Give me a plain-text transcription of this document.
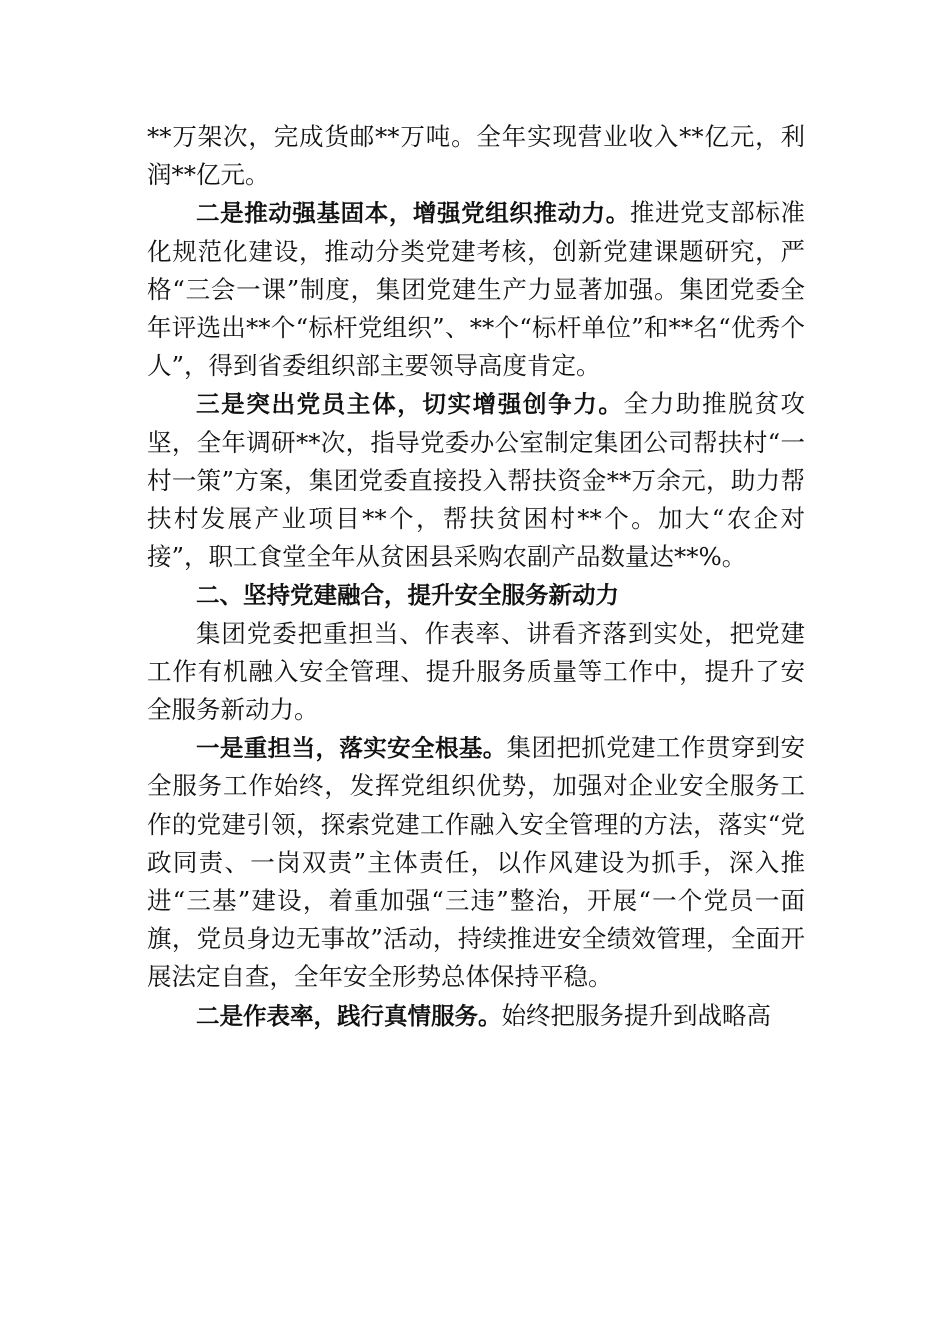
**万架次，完成货邮**万吨。全年实现营业收入**亿元，利润**亿元。

二是推动强基固本，增强党组织推动力。推进党支部标准化规范化建设，推动分类党建考核，创新党建课题研究，严格“三会一课”制度，集团党建生产力显著加强。集团党委全年评选出**个“标杆党组织”、**个“标杆单位”和**名“优秀个人”，得到省委组织部主要领导高度肯定。

三是突出党员主体，切实增强创争力。全力助推脱贫攻坚，全年调研**次，指导党委办公室制定集团公司帮扶村“一村一策”方案，集团党委直接投入帮扶资金**万余元，助力帮扶村发展产业项目**个，帮扶贫困村**个。加大“农企对接”，职工食堂全年从贫困县采购农副产品数量达**%。

二、坚持党建融合，提升安全服务新动力

集团党委把重担当、作表率、讲看齐落到实处，把党建工作有机融入安全管理、提升服务质量等工作中，提升了安全服务新动力。

一是重担当，落实安全根基。集团把抓党建工作贯穿到安全服务工作始终，发挥党组织优势，加强对企业安全服务工作的党建引领，探索党建工作融入安全管理的方法，落实“党政同责、一岗双责”主体责任，以作风建设为抓手，深入推进“三基”建设，着重加强“三违”整治，开展“一个党员一面旗，党员身边无事故”活动，持续推进安全绩效管理，全面开展法定自查，全年安全形势总体保持平稳。

二是作表率，践行真情服务。始终把服务提升到战略高
